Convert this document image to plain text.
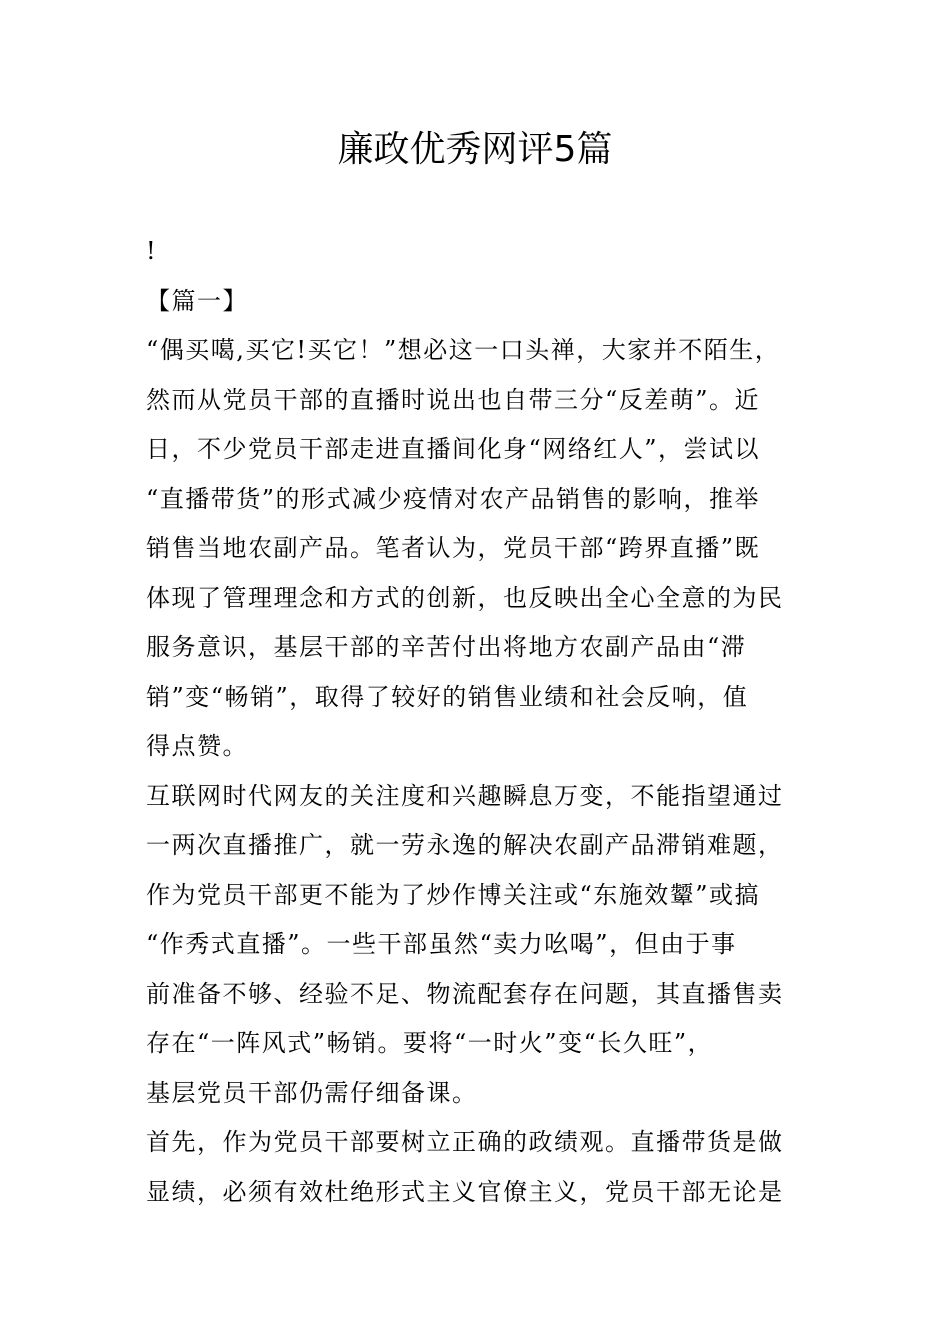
廉政优秀网评5篇
!
【篇一】
“偶买噶,买它!买它！”想必这一口头禅，大家并不陌生，
然而从党员干部的直播时说出也自带三分“反差萌”。近
日，不少党员干部走进直播间化身“网络红人”，尝试以
“直播带货”的形式减少疫情对农产品销售的影响，推举
销售当地农副产品。笔者认为，党员干部“跨界直播”既
体现了管理理念和方式的创新，也反映出全心全意的为民
服务意识，基层干部的辛苦付出将地方农副产品由“滞
销”变“畅销”，取得了较好的销售业绩和社会反响，值
得点赞。
互联网时代网友的关注度和兴趣瞬息万变，不能指望通过
一两次直播推广，就一劳永逸的解决农副产品滞销难题，
作为党员干部更不能为了炒作博关注或“东施效颦”或搞
“作秀式直播”。一些干部虽然“卖力吆喝”，但由于事
前准备不够、经验不足、物流配套存在问题，其直播售卖
存在“一阵风式”畅销。要将“一时火”变“长久旺”，
基层党员干部仍需仔细备课。
首先，作为党员干部要树立正确的政绩观。直播带货是做
显绩，必须有效杜绝形式主义官僚主义，党员干部无论是
